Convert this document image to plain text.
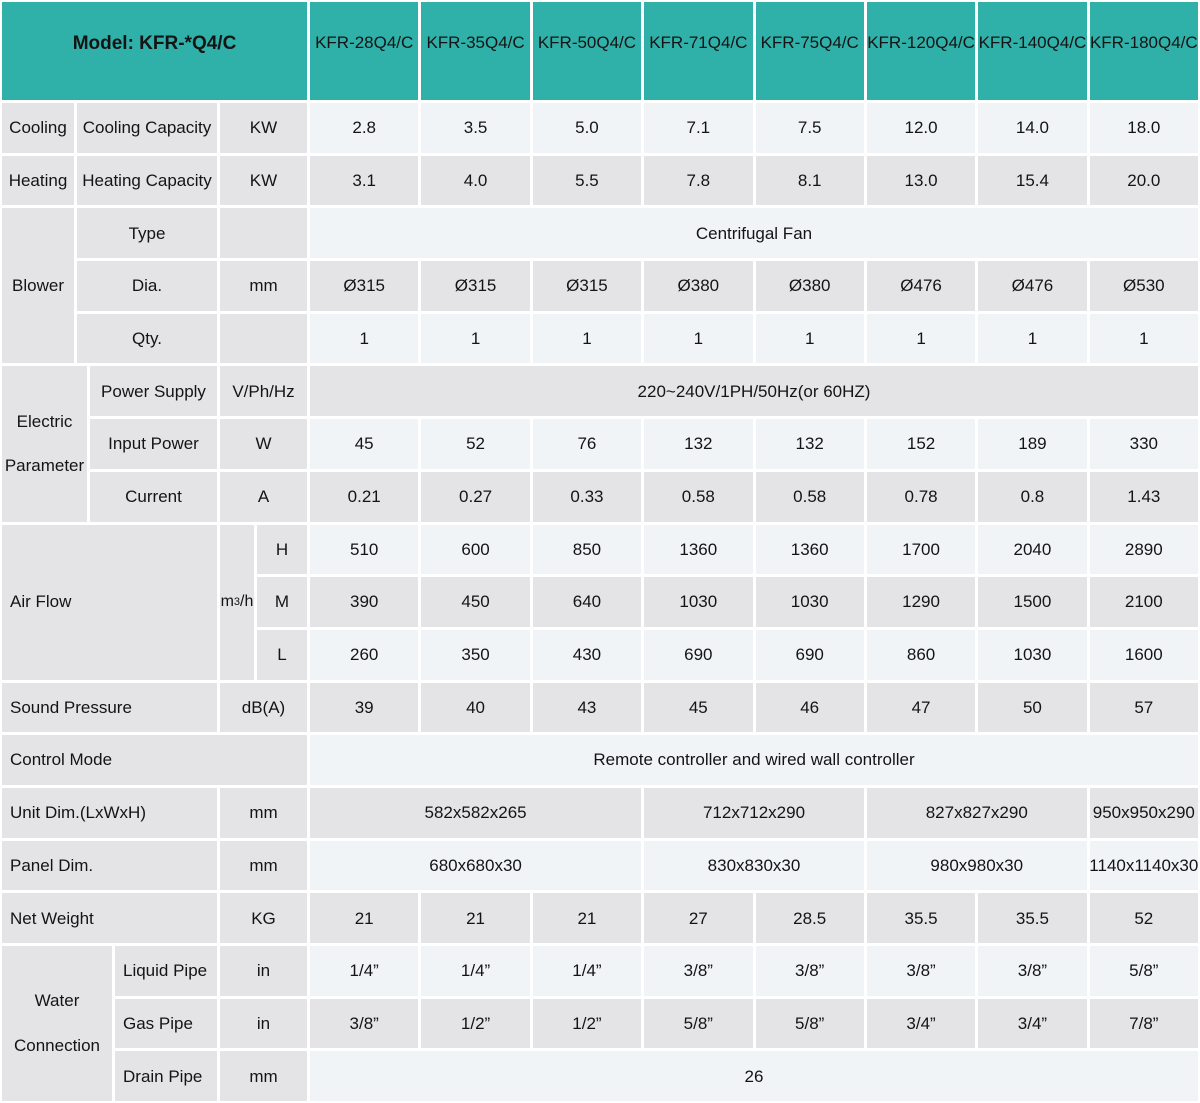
Model: KFR-*Q4/C	KFR-28Q4/C KFR-35Q4/C KFR-50Q4/C KFR-71Q4/C KFR-75Q4/C KFR-120Q4/C KFR-140Q4/C KFR-180Q4/C
Cooling Cooling Capacity	KW	2.8	3.5	5.0	7.1	7.5	12.0	14.0	18.0
Heating Heating Capacity	KW	3.1	4.0	5.5	7.8	8.1	13.0	15.4	20.0
Blower
Type	Centrifugal Fan
Dia.	mm	Ø315	Ø315	Ø315	Ø380	Ø380	Ø476	Ø476	Ø530
Qty.	1	1	1	1	1	1	1	1
Electric Parameter
Power Supply	V/Ph/Hz	220~240V/1PH/50Hz(or 60HZ)
Input Power	W	45	52	76	132	132	152	189	330
Current	A	0.21	0.27	0.33	0.58	0.58	0.78	0.8	1.43
Air Flow	m 3 /h
H	510	600	850	1360	1360	1700	2040	2890
M	390	450	640	1030	1030	1290	1500	2100
L	260	350	430	690	690	860	1030	1600
Sound Pressure	dB(A)	39	40	43	45	46	47	50	57
Control Mode	Remote controller and wired wall controller
Unit Dim.(LxWxH)	mm	582x582x265	712x712x290	827x827x290	950x950x290
Panel Dim.	mm	680x680x30	830x830x30	980x980x30	1140x1140x30
Net Weight	KG	21	21	21	27	28.5	35.5	35.5	52
Water Connection
Liquid Pipe	in	1/4”	1/4”	1/4”	3/8”	3/8”	3/8”	3/8”	5/8”
Gas Pipe	in	3/8”	1/2”	1/2”	5/8”	5/8”	3/4”	3/4”	7/8”
Drain Pipe	mm	26
